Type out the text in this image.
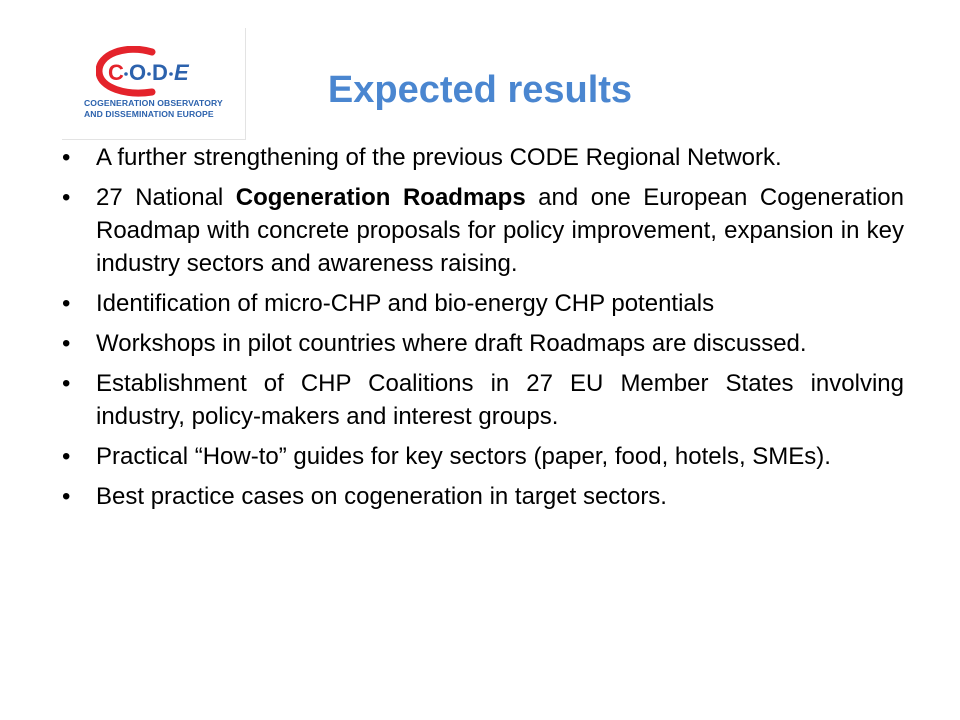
C O D E
COGENERATION OBSERVATORY
AND DISSEMINATION EUROPE
Expected results
• A further strengthening of the previous CODE Regional Network.
• 27 National Cogeneration Roadmaps and one European Cogeneration Roadmap with concrete proposals for policy improvement, expansion in key industry sectors and awareness raising.
• Identification of micro-CHP and bio-energy CHP potentials
• Workshops in pilot countries where draft Roadmaps are discussed.
• Establishment of CHP Coalitions in 27 EU Member States involving industry, policy-makers and interest groups.
• Practical “How-to” guides for key sectors (paper, food, hotels, SMEs).
• Best practice cases on cogeneration in target sectors.
